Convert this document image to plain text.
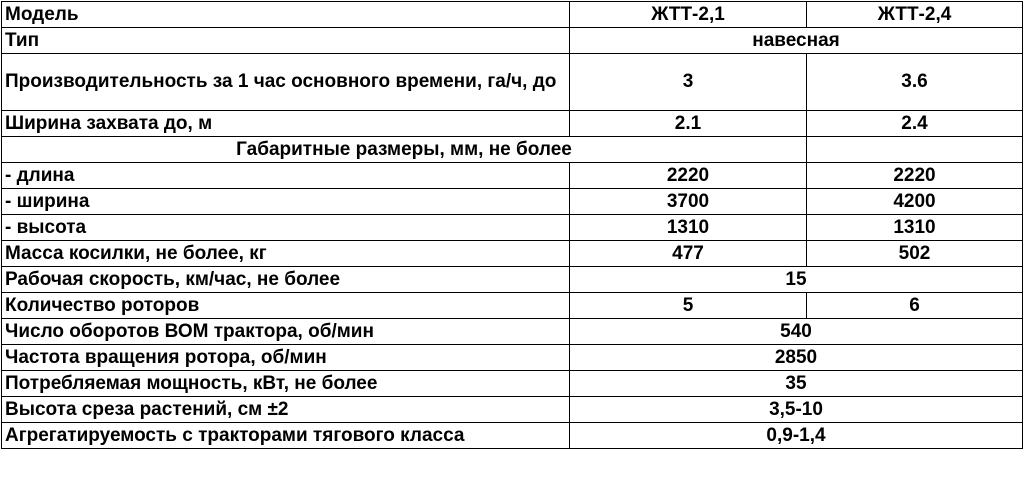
Модель	ЖТТ-2,1	ЖТТ-2,4
Тип	навесная	
Производительность за 1 час основного времени, га/ч, до	3	3.6
Ширина захвата до, м	2.1	2.4
Габаритные размеры, мм, не более		
- длина	2220	2220
- ширина	3700	4200
- высота	1310	1310
Масса косилки, не более, кг	477	502
Рабочая скорость, км/час, не более	15	
Количество роторов	5	6
Число оборотов ВОМ трактора, об/мин	540	
Частота вращения ротора, об/мин	2850	
Потребляемая мощность, кВт, не более	35	
Высота среза растений, см ±2	3,5-10	
Агрегатируемость с тракторами тягового класса	0,9-1,4	
